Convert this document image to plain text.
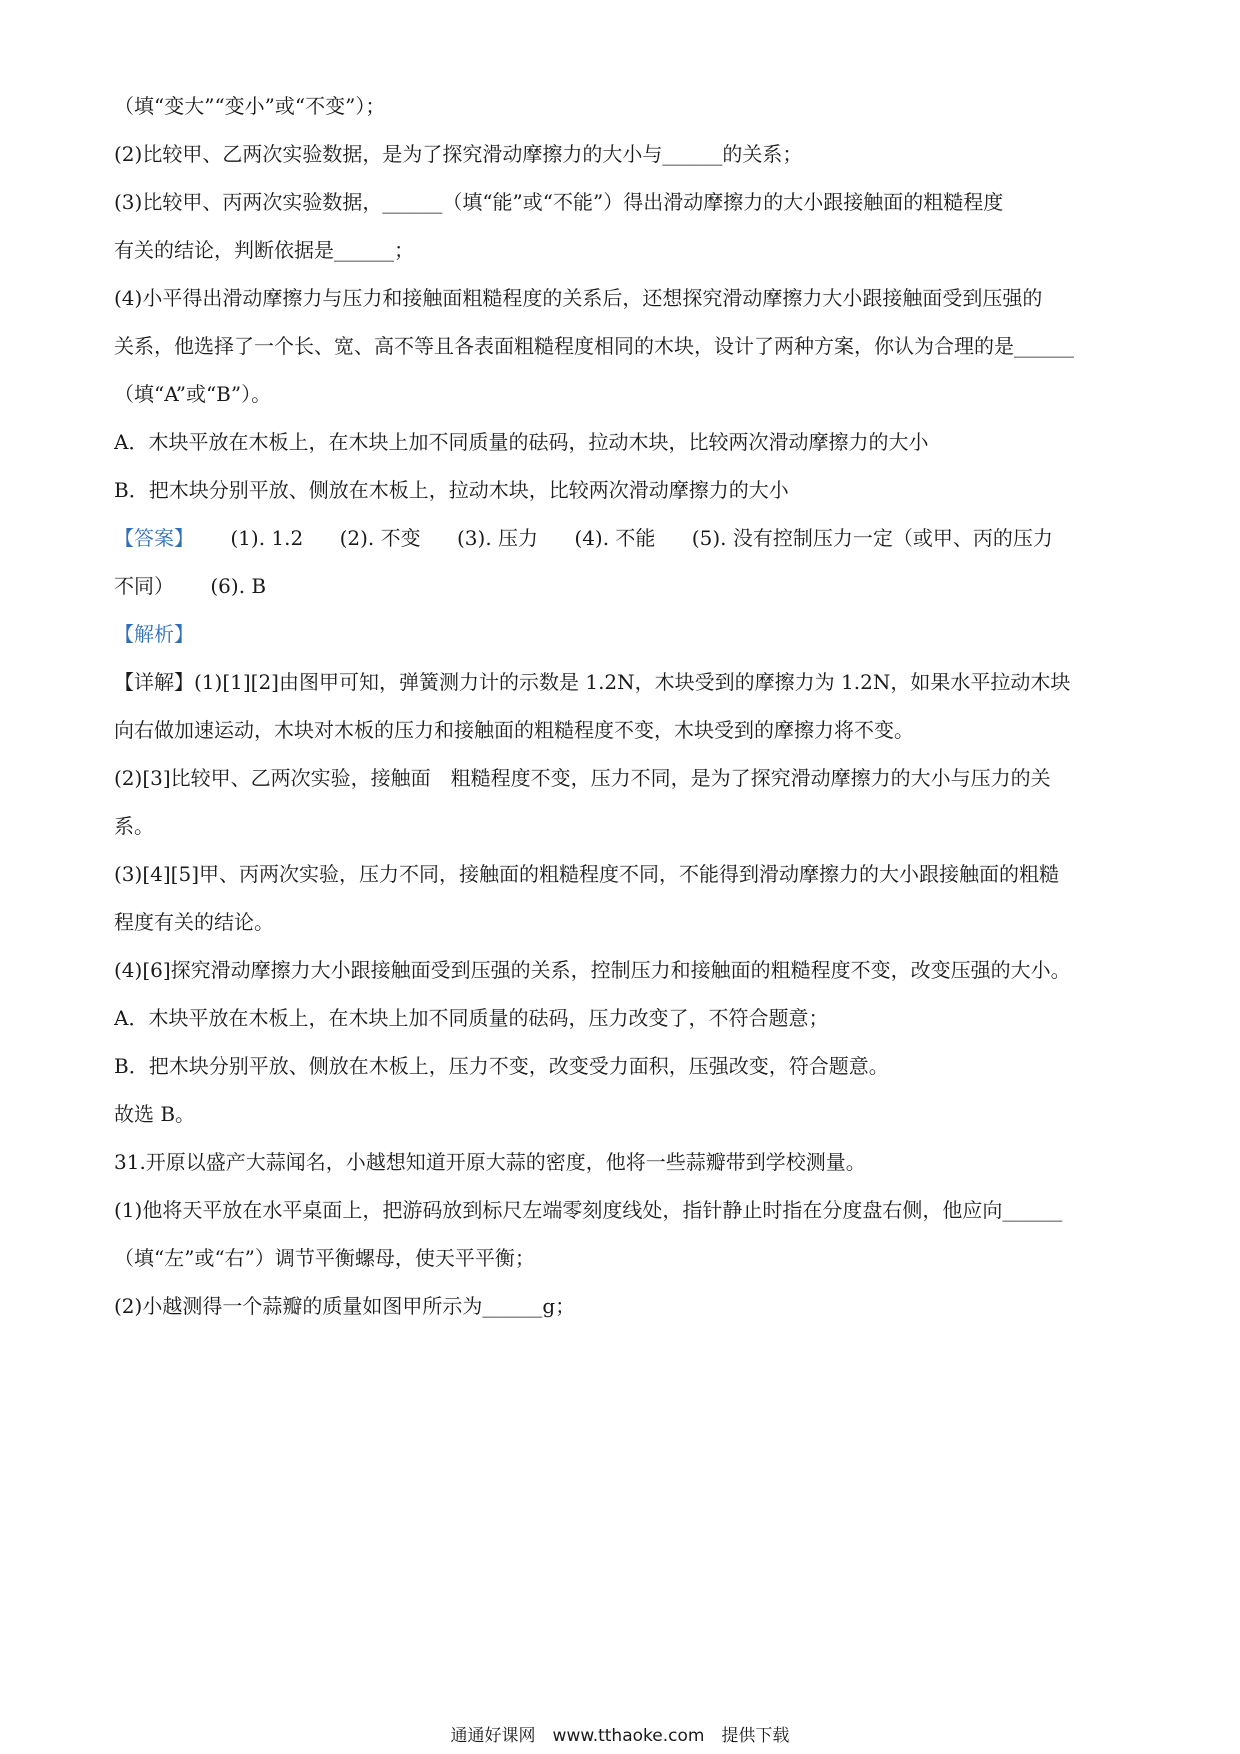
（填“变大”“变小”或“不变”）；
(2)比较甲、乙两次实验数据，是为了探究滑动摩擦力的大小与______的关系；
(3)比较甲、丙两次实验数据，______（填“能”或“不能”）得出滑动摩擦力的大小跟接触面的粗糙程度
有关的结论，判断依据是______；
(4)小平得出滑动摩擦力与压力和接触面粗糙程度的关系后，还想探究滑动摩擦力大小跟接触面受到压强的
关系，他选择了一个长、宽、高不等且各表面粗糙程度相同的木块，设计了两种方案，你认为合理的是______
（填“A”或“B”）。
A．木块平放在木板上，在木块上加不同质量的砝码，拉动木块，比较两次滑动摩擦力的大小
B．把木块分别平放、侧放在木板上，拉动木块，比较两次滑动摩擦力的大小
【答案】 (1). 1.2 (2). 不变 (3). 压力 (4). 不能 (5). 没有控制压力一定（或甲、丙的压力
不同） (6). B
【解析】
【详解】(1)[1][2]由图甲可知，弹簧测力计的示数是 1.2N，木块受到的摩擦力为 1.2N，如果水平拉动木块
向右做加速运动，木块对木板的压力和接触面的粗糙程度不变，木块受到的摩擦力将不变。
(2)[3]比较甲、乙两次实验，接触面　粗糙程度不变，压力不同，是为了探究滑动摩擦力的大小与压力的关
系。
(3)[4][5]甲、丙两次实验，压力不同，接触面的粗糙程度不同，不能得到滑动摩擦力的大小跟接触面的粗糙
程度有关的结论。
(4)[6]探究滑动摩擦力大小跟接触面受到压强的关系，控制压力和接触面的粗糙程度不变，改变压强的大小。
A．木块平放在木板上，在木块上加不同质量的砝码，压力改变了，不符合题意；
B．把木块分别平放、侧放在木板上，压力不变，改变受力面积，压强改变，符合题意。
故选 B。
31.开原以盛产大蒜闻名，小越想知道开原大蒜的密度，他将一些蒜瓣带到学校测量。
(1)他将天平放在水平桌面上，把游码放到标尺左端零刻度线处，指针静止时指在分度盘右侧，他应向______
（填“左”或“右”）调节平衡螺母，使天平平衡；
(2)小越测得一个蒜瓣的质量如图甲所示为______g；
通通好课网　www.tthaoke.com　提供下载
